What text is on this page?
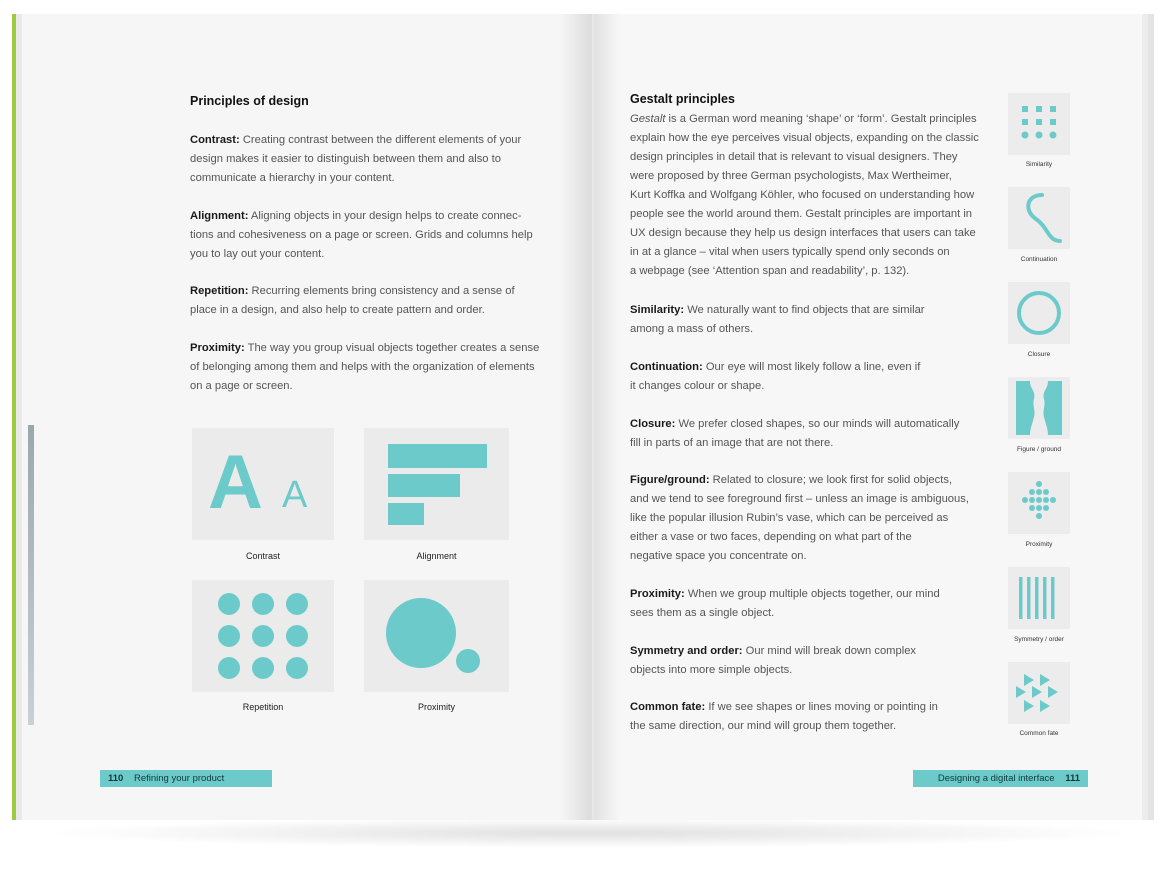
Principles of design
Contrast: Creating contrast between the different elements of your
design makes it easier to distinguish between them and also to
communicate a hierarchy in your content.
Alignment: Aligning objects in your design helps to create connec-
tions and cohesiveness on a page or screen. Grids and columns help
you to lay out your content.
Repetition: Recurring elements bring consistency and a sense of
place in a design, and also help to create pattern and order.
Proximity: The way you group visual objects together creates a sense
of belonging among them and helps with the organization of elements
on a page or screen.
A A
Contrast	Alignment
Repetition	Proximity
110 Refining your product
Gestalt principles
Gestalt is a German word meaning ‘shape’ or ‘form’. Gestalt principles
explain how the eye perceives visual objects, expanding on the classic
design principles in detail that is relevant to visual designers. They
were proposed by three German psychologists, Max Wertheimer,
Kurt Koffka and Wolfgang Köhler, who focused on understanding how
people see the world around them. Gestalt principles are important in
UX design because they help us design interfaces that users can take
in at a glance – vital when users typically spend only seconds on
a webpage (see ‘Attention span and readability’, p. 132).
Similarity: We naturally want to find objects that are similar
among a mass of others.
Continuation: Our eye will most likely follow a line, even if
it changes colour or shape.
Closure: We prefer closed shapes, so our minds will automatically
fill in parts of an image that are not there.
Figure/ground: Related to closure; we look first for solid objects,
and we tend to see foreground first – unless an image is ambiguous,
like the popular illusion Rubin’s vase, which can be perceived as
either a vase or two faces, depending on what part of the
negative space you concentrate on.
Proximity: When we group multiple objects together, our mind
sees them as a single object.
Symmetry and order: Our mind will break down complex
objects into more simple objects.
Common fate: If we see shapes or lines moving or pointing in
the same direction, our mind will group them together.
Similarity
Continuation
Closure
Figure / ground
Proximity
Symmetry / order
Common fate
Designing a digital interface 111
